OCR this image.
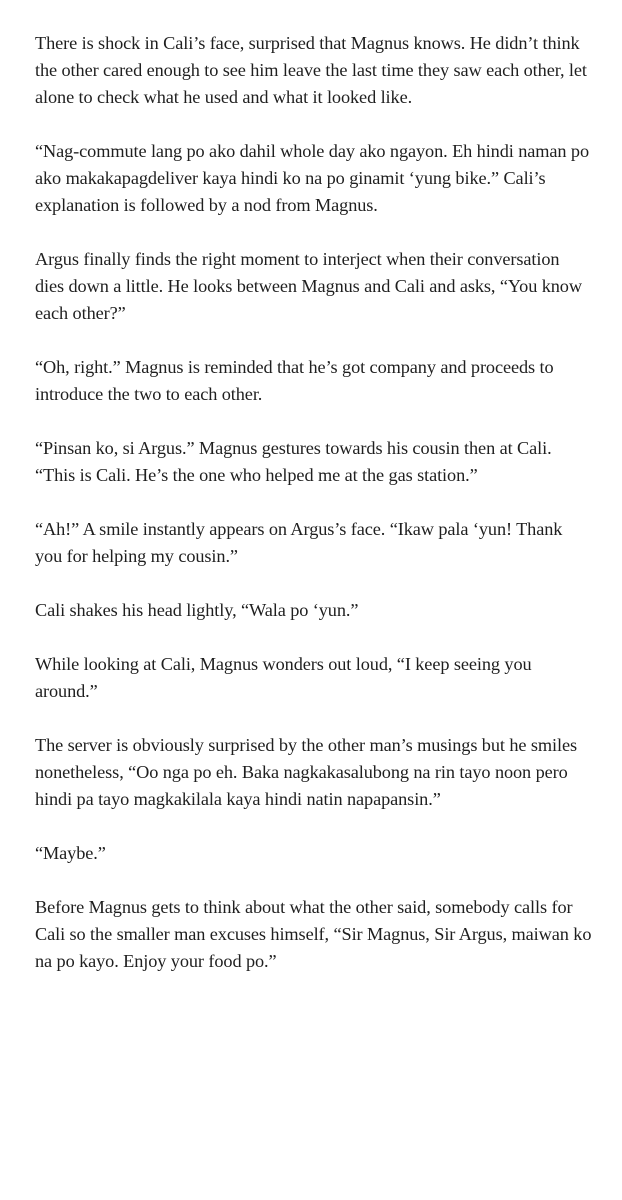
There is shock in Cali’s face, surprised that Magnus knows. He didn’t think the other cared enough to see him leave the last time they saw each other, let alone to check what he used and what it looked like.

“Nag-commute lang po ako dahil whole day ako ngayon. Eh hindi naman po ako makakapagdeliver kaya hindi ko na po ginamit ‘yung bike.” Cali’s explanation is followed by a nod from Magnus.

Argus finally finds the right moment to interject when their conversation dies down a little. He looks between Magnus and Cali and asks, “You know each other?”

“Oh, right.” Magnus is reminded that he’s got company and proceeds to introduce the two to each other.

“Pinsan ko, si Argus.” Magnus gestures towards his cousin then at Cali. “This is Cali. He’s the one who helped me at the gas station.”

“Ah!” A smile instantly appears on Argus’s face. “Ikaw pala ‘yun! Thank you for helping my cousin.”

Cali shakes his head lightly, “Wala po ‘yun.”

While looking at Cali, Magnus wonders out loud, “I keep seeing you around.”

The server is obviously surprised by the other man’s musings but he smiles nonetheless, “Oo nga po eh. Baka nagkakasalubong na rin tayo noon pero hindi pa tayo magkakilala kaya hindi natin napapansin.”

“Maybe.”

Before Magnus gets to think about what the other said, somebody calls for Cali so the smaller man excuses himself, “Sir Magnus, Sir Argus, maiwan ko na po kayo. Enjoy your food po.”
